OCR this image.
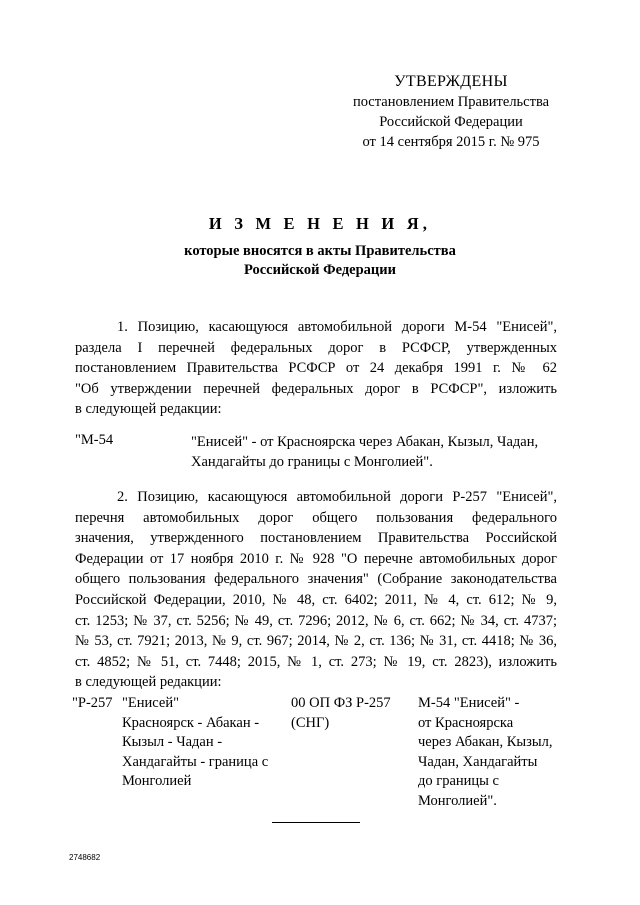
УТВЕРЖДЕНЫ
постановлением Правительства
Российской Федерации
от 14 сентября 2015 г. № 975
И З М Е Н Е Н И Я,
которые вносятся в акты Правительства
Российской Федерации
1. Позицию, касающуюся автомобильной дороги М-54 "Енисей",
раздела I перечней федеральных дорог в РСФСР, утвержденных
постановлением Правительства РСФСР от 24 декабря 1991 г. № 62
"Об утверждении перечней федеральных дорог в РСФСР", изложить
в следующей редакции:
"М-54	"Енисей" - от Красноярска через Абакан, Кызыл, Чадан,
Хандагайты до границы с Монголией".
2. Позицию, касающуюся автомобильной дороги Р-257 "Енисей",
перечня автомобильных дорог общего пользования федерального
значения, утвержденного постановлением Правительства Российской
Федерации от 17 ноября 2010 г. № 928 "О перечне автомобильных дорог
общего пользования федерального значения" (Собрание законодательства
Российской Федерации, 2010, № 48, ст. 6402; 2011, № 4, ст. 612; № 9,
ст. 1253; № 37, ст. 5256; № 49, ст. 7296; 2012, № 6, ст. 662; № 34, ст. 4737;
№ 53, ст. 7921; 2013, № 9, ст. 967; 2014, № 2, ст. 136; № 31, ст. 4418; № 36,
ст. 4852; № 51, ст. 7448; 2015, № 1, ст. 273; № 19, ст. 2823), изложить
в следующей редакции:
"Р-257 "Енисей"
Красноярск - Абакан -
Кызыл - Чадан -
Хандагайты - граница с
Монголией
00 ОП ФЗ Р-257
(СНГ)
М-54 "Енисей" -
от Красноярска
через Абакан, Кызыл,
Чадан, Хандагайты
до границы с
Монголией".
2748682
